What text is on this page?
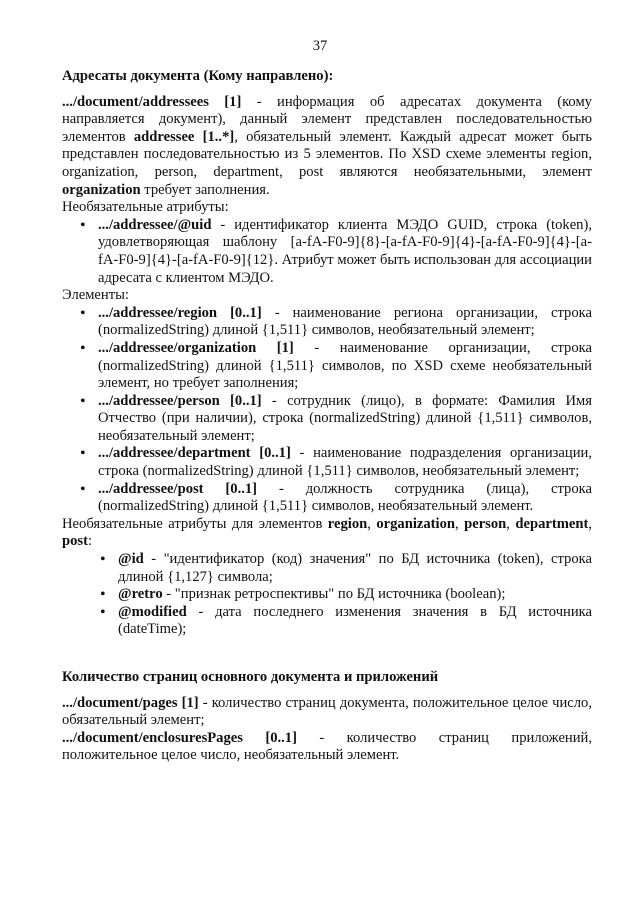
37

Адресаты документа (Кому направлено):

.../document/addressees [1] - информация об адресатах документа (кому направляется документ), данный элемент представлен последовательностью элементов addressee [1..*], обязательный элемент. Каждый адресат может быть представлен последовательностью из 5 элементов. По XSD схеме элементы region, organization, person, department, post являются необязательными, элемент organization требует заполнения.

Необязательные атрибуты:

• .../addressee/@uid - идентификатор клиента МЭДО GUID, строка (token), удовлетворяющая шаблону [a-fA-F0-9]{8}-[a-fA-F0-9]{4}-[a-fA-F0-9]{4}-[a-fA-F0-9]{4}-[a-fA-F0-9]{12}. Атрибут может быть использован для ассоциации адресата с клиентом МЭДО.

Элементы:

• .../addressee/region [0..1] - наименование региона организации, строка (normalizedString) длиной {1,511} символов, необязательный элемент;
• .../addressee/organization [1] - наименование организации, строка (normalizedString) длиной {1,511} символов, по XSD схеме необязательный элемент, но требует заполнения;
• .../addressee/person [0..1] - сотрудник (лицо), в формате: Фамилия Имя Отчество (при наличии), строка (normalizedString) длиной {1,511} символов, необязательный элемент;
• .../addressee/department [0..1] - наименование подразделения организации, строка (normalizedString) длиной {1,511} символов, необязательный элемент;
• .../addressee/post [0..1] - должность сотрудника (лица), строка (normalizedString) длиной {1,511} символов, необязательный элемент.

Необязательные атрибуты для элементов region, organization, person, department, post:

• @id - "идентификатор (код) значения" по БД источника (token), строка длиной {1,127} символа;
• @retro - "признак ретроспективы" по БД источника (boolean);
• @modified - дата последнего изменения значения в БД источника (dateTime);

Количество страниц основного документа и приложений

.../document/pages [1] - количество страниц документа, положительное целое число, обязательный элемент;

.../document/enclosuresPages [0..1] - количество страниц приложений, положительное целое число, необязательный элемент.
